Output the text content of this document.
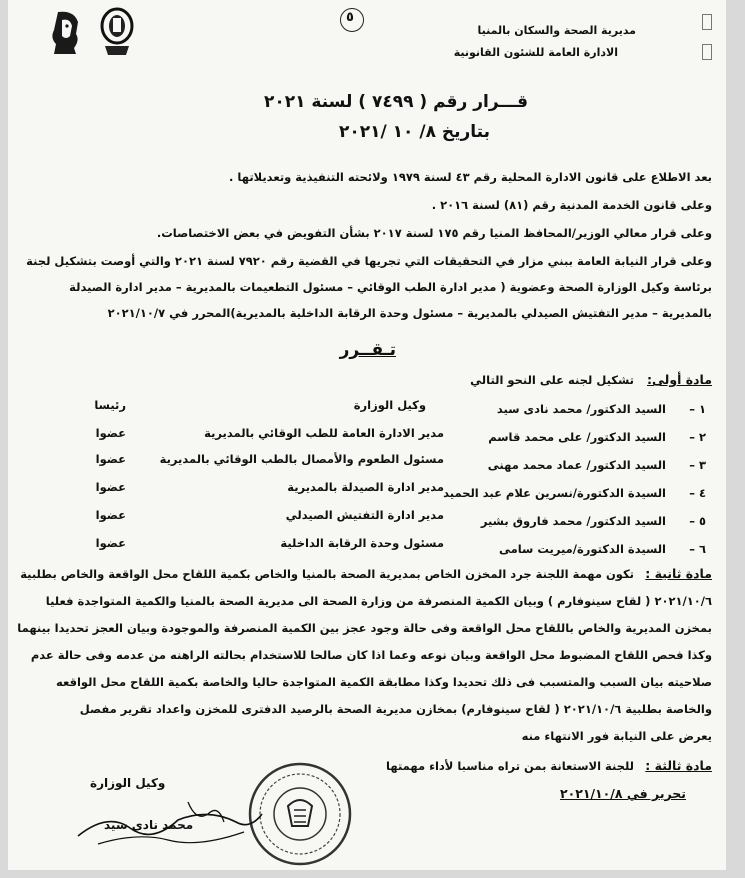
٥
مديرية الصحة والسكان بالمنيا
الادارة العامة للشئون القانونية
قـــرار رقم ( ٧٤٩٩ ) لسنة ٢٠٢١
بتاريخ ٨/ ١٠ /٢٠٢١
بعد الاطلاع على قانون الادارة المحلية رقم ٤٣ لسنة ١٩٧٩ ولائحته التنفيذية وتعديلاتها .
وعلى قانون الخدمة المدنية رقم (٨١) لسنة ٢٠١٦ .
وعلى قرار معالي الوزير/المحافظ المنيا رقم ١٧٥ لسنة ٢٠١٧ بشأن التفويض في بعض الاختصاصات.
وعلى قرار النيابة العامة ببني مزار في التحقيقات التي تجريها في القضية رقم ٧٩٢٠ لسنة ٢٠٢١ والتي أوصت بتشكيل لجنة
برئاسة وكيل الوزارة الصحة وعضوية ( مدير ادارة الطب الوقائي – مسئول التطعيمات بالمديرية – مدير ادارة الصيدلة
بالمديرية – مدير التفتيش الصيدلي بالمديرية – مسئول وحدة الرقابة الداخلية بالمديرية)المحرر في ٢٠٢١/١٠/٧
تـقــرر
مادة أولى:
تشكيل لجنه على النحو التالي
١ –
السيد الدكتور/ محمد نادى سيد
وكيل الوزارة
رئيسا
٢ –
السيد الدكتور/ على محمد قاسم
مدير الادارة العامة للطب الوقائي بالمديرية
عضوا
٣ –
السيد الدكتور/ عماد محمد مهنى
مسئول الطعوم والأمصال بالطب الوقائي بالمديرية
عضوا
٤ –
السيدة الدكتورة/نسرين علام عبد الحميد
مدير ادارة الصيدلة بالمديرية
عضوا
٥ –
السيد الدكتور/ محمد فاروق بشير
مدير ادارة التفتيش الصيدلي
عضوا
٦ –
السيدة الدكتورة/ميريت سامى
مسئول وحدة الرقابة الداخلية
عضوا
مادة ثانية :
تكون مهمة اللجنة جرد المخزن الخاص بمديرية الصحة بالمنيا والخاص بكمية اللقاح محل الواقعة والخاص بطلبية
٢٠٢١/١٠/٦ ( لقاح سينوفارم ) وبيان الكمية المنصرفة من وزارة الصحة الى مديرية الصحة بالمنيا والكمية المتواجدة فعليا
بمخزن المديرية والخاص باللقاح محل الواقعة وفى حالة وجود عجز بين الكمية المنصرفة والموجودة وبيان العجز تحديدا بينهما
وكذا فحص اللقاح المضبوط محل الواقعة وبيان نوعه وعما اذا كان صالحا للاستخدام بحالته الراهنه من عدمه وفى حالة عدم
صلاحيته بيان السبب والمتسبب فى ذلك تحديدا وكذا مطابقة الكمية المتواجدة حاليا والخاصة بكمية اللقاح محل الواقعه
والخاصة بطلبية ٢٠٢١/١٠/٦ ( لقاح سينوفارم) بمخازن مديرية الصحة بالرصيد الدفترى للمخزن واعداد تقرير مفصل
يعرض على النيابة فور الانتهاء منه
مادة ثالثة :
للجنة الاستعانة بمن تراه مناسبا لأداء مهمتها
تحرير في ٢٠٢١/١٠/٨
وكيل الوزارة
محمد نادى سيد
